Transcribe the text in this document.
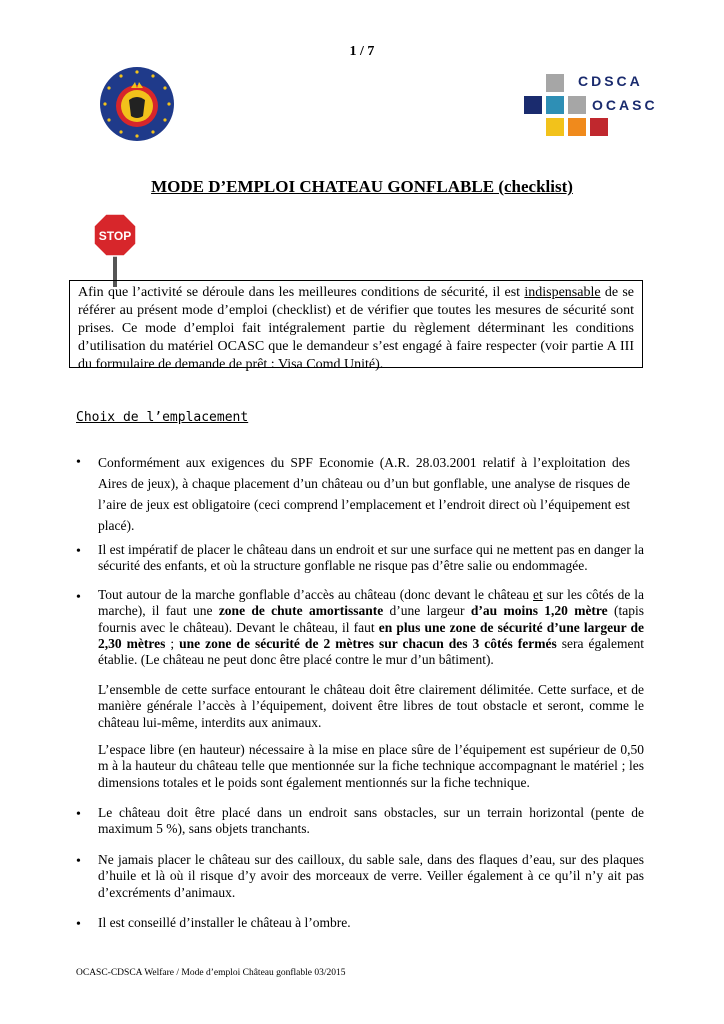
1 / 7
CDSCA
OCASC
MODE D’EMPLOI CHATEAU GONFLABLE (checklist)
STOP
Afin que l’activité se déroule dans les meilleures conditions de sécurité, il est indispensable de se référer au présent mode d’emploi (checklist) et de vérifier que toutes les mesures de sécurité sont prises. Ce mode d’emploi fait intégralement partie du règlement déterminant les conditions d’utilisation du matériel OCASC que le demandeur s’est engagé à faire respecter (voir partie A III du formulaire de demande de prêt : Visa Comd Unité).
Choix de l’emplacement
• Conformément aux exigences du SPF Economie (A.R. 28.03.2001 relatif à l’exploitation des Aires de jeux), à chaque placement d’un château ou d’un but gonflable, une analyse de risques de l’aire de jeux est obligatoire (ceci comprend l’emplacement et l’endroit direct où l’équipement est placé).
• Il est impératif de placer le château dans un endroit et sur une surface qui ne mettent pas en danger la sécurité des enfants, et où la structure gonflable ne risque pas d’être salie ou endommagée.
• Tout autour de la marche gonflable d’accès au château (donc devant le château et sur les côtés de la marche), il faut une zone de chute amortissante d’une largeur d’au moins 1,20 mètre (tapis fournis avec le château). Devant le château, il faut en plus une zone de sécurité d’une largeur de 2,30 mètres ; une zone de sécurité de 2 mètres sur chacun des 3 côtés fermés sera également établie. (Le château ne peut donc être placé contre le mur d’un bâtiment).
L’ensemble de cette surface entourant le château doit être clairement délimitée. Cette surface, et de manière générale l’accès à l’équipement, doivent être libres de tout obstacle et seront, comme le château lui-même, interdits aux animaux.
L’espace libre (en hauteur) nécessaire à la mise en place sûre de l’équipement est supérieur de 0,50 m à la hauteur du château telle que mentionnée sur la fiche technique accompagnant le matériel ; les dimensions totales et le poids sont également mentionnés sur la fiche technique.
• Le château doit être placé dans un endroit sans obstacles, sur un terrain horizontal (pente de maximum 5 %), sans objets tranchants.
• Ne jamais placer le château sur des cailloux, du sable sale, dans des flaques d’eau, sur des plaques d’huile et là où il risque d’y avoir des morceaux de verre. Veiller également à ce qu’il n’y ait pas d’excréments d’animaux.
• Il est conseillé d’installer le château à l’ombre.
OCASC-CDSCA Welfare / Mode d’emploi Château gonflable 03/2015
